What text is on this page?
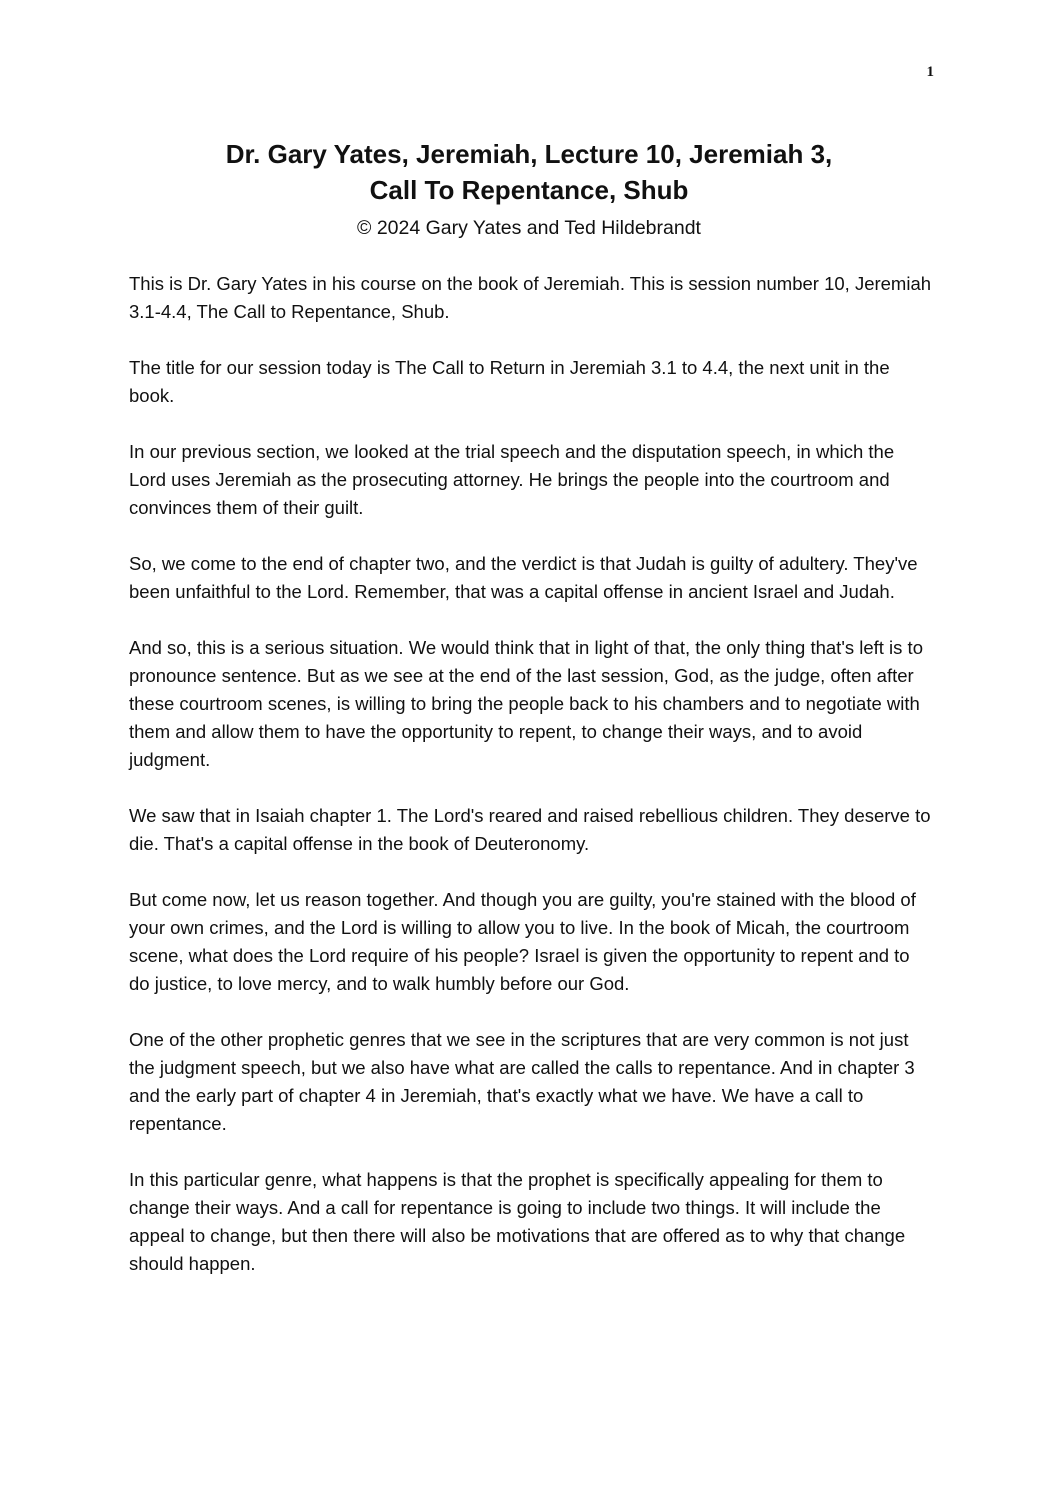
1
Dr. Gary Yates, Jeremiah, Lecture 10, Jeremiah 3,
Call To Repentance, Shub
© 2024 Gary Yates and Ted Hildebrandt

This is Dr. Gary Yates in his course on the book of Jeremiah. This is session number 10, Jeremiah 3.1-4.4, The Call to Repentance, Shub.

The title for our session today is The Call to Return in Jeremiah 3.1 to 4.4, the next unit in the book.

In our previous section, we looked at the trial speech and the disputation speech, in which the Lord uses Jeremiah as the prosecuting attorney. He brings the people into the courtroom and convinces them of their guilt.

So, we come to the end of chapter two, and the verdict is that Judah is guilty of adultery. They've been unfaithful to the Lord. Remember, that was a capital offense in ancient Israel and Judah.

And so, this is a serious situation. We would think that in light of that, the only thing that's left is to pronounce sentence. But as we see at the end of the last session, God, as the judge, often after these courtroom scenes, is willing to bring the people back to his chambers and to negotiate with them and allow them to have the opportunity to repent, to change their ways, and to avoid judgment.

We saw that in Isaiah chapter 1. The Lord's reared and raised rebellious children. They deserve to die. That's a capital offense in the book of Deuteronomy.

But come now, let us reason together. And though you are guilty, you're stained with the blood of your own crimes, and the Lord is willing to allow you to live. In the book of Micah, the courtroom scene, what does the Lord require of his people? Israel is given the opportunity to repent and to do justice, to love mercy, and to walk humbly before our God.

One of the other prophetic genres that we see in the scriptures that are very common is not just the judgment speech, but we also have what are called the calls to repentance. And in chapter 3 and the early part of chapter 4 in Jeremiah, that's exactly what we have. We have a call to repentance.

In this particular genre, what happens is that the prophet is specifically appealing for them to change their ways. And a call for repentance is going to include two things. It will include the appeal to change, but then there will also be motivations that are offered as to why that change should happen.
